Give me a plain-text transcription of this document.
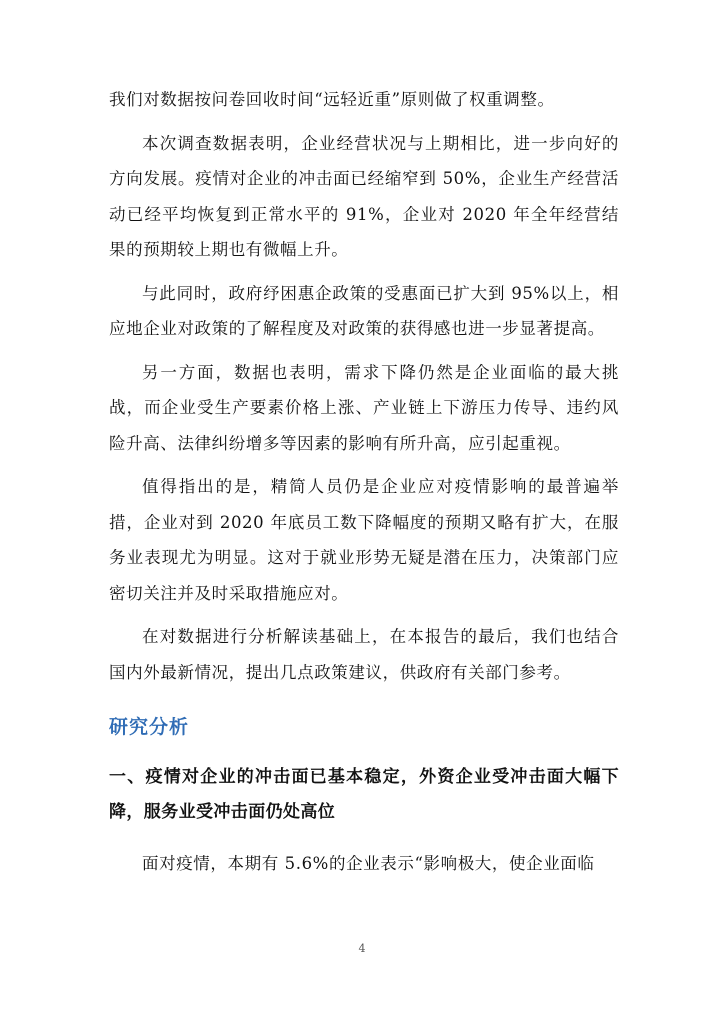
我们对数据按问卷回收时间“远轻近重”原则做了权重调整。

本次调查数据表明，企业经营状况与上期相比，进一步向好的方向发展。疫情对企业的冲击面已经缩窄到 50%，企业生产经营活动已经平均恢复到正常水平的 91%，企业对 2020 年全年经营结果的预期较上期也有微幅上升。

与此同时，政府纾困惠企政策的受惠面已扩大到 95%以上，相应地企业对政策的了解程度及对政策的获得感也进一步显著提高。

另一方面，数据也表明，需求下降仍然是企业面临的最大挑战，而企业受生产要素价格上涨、产业链上下游压力传导、违约风险升高、法律纠纷增多等因素的影响有所升高，应引起重视。

值得指出的是，精简人员仍是企业应对疫情影响的最普遍举措，企业对到 2020 年底员工数下降幅度的预期又略有扩大，在服务业表现尤为明显。这对于就业形势无疑是潜在压力，决策部门应密切关注并及时采取措施应对。

在对数据进行分析解读基础上，在本报告的最后，我们也结合国内外最新情况，提出几点政策建议，供政府有关部门参考。

研究分析
一、疫情对企业的冲击面已基本稳定，外资企业受冲击面大幅下降，服务业受冲击面仍处高位

面对疫情，本期有 5.6%的企业表示“影响极大，使企业面临

4
